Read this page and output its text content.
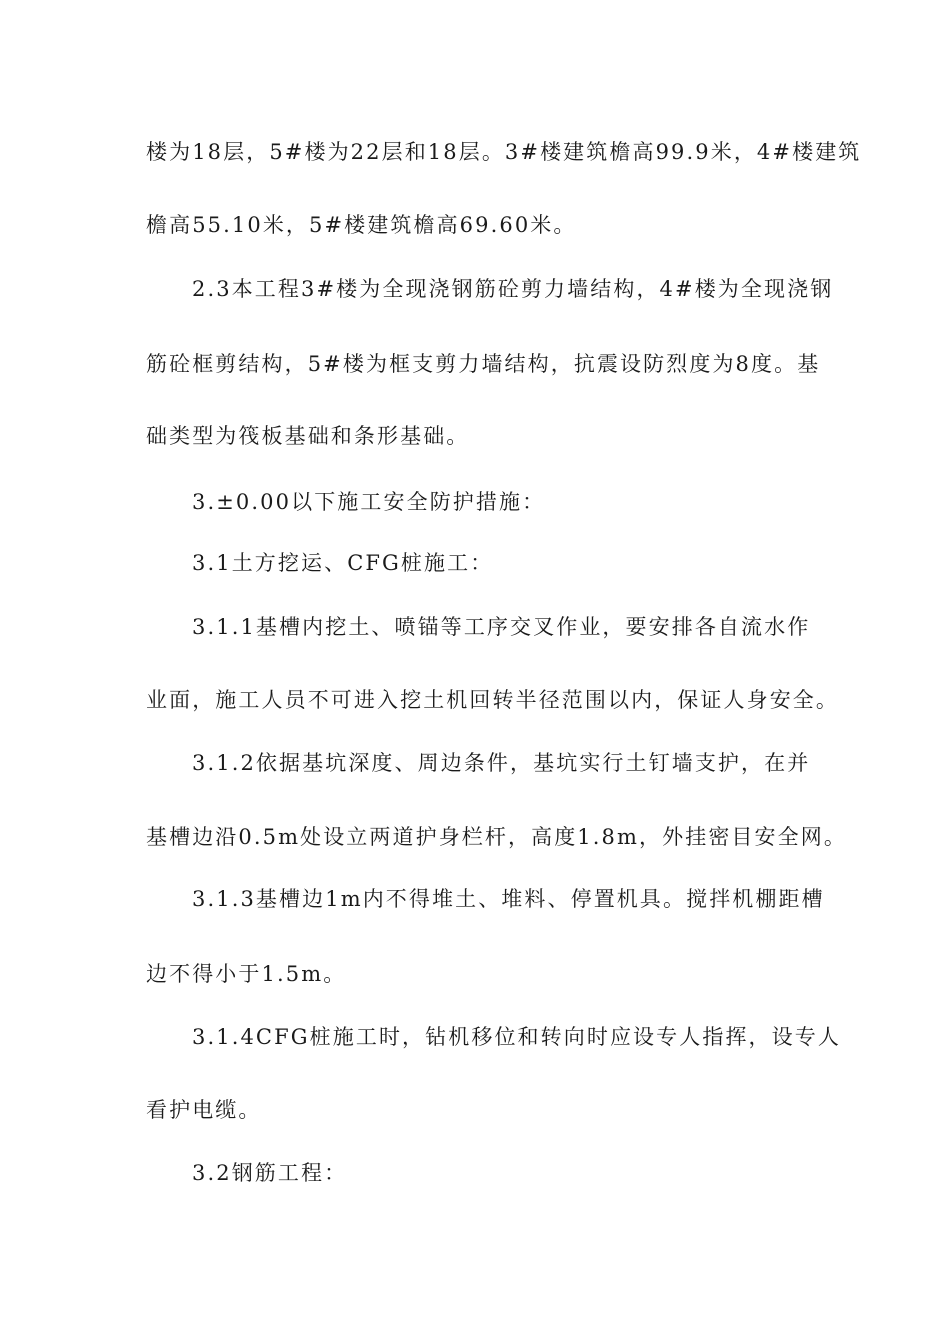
楼为18层，5#楼为22层和18层。3#楼建筑檐高99.9米，4#楼建筑
檐高55.10米，5#楼建筑檐高69.60米。
2.3本工程3#楼为全现浇钢筋砼剪力墙结构，4#楼为全现浇钢
筋砼框剪结构，5#楼为框支剪力墙结构，抗震设防烈度为8度。基
础类型为筏板基础和条形基础。
3.±0.00以下施工安全防护措施：
3.1土方挖运、CFG桩施工：
3.1.1基槽内挖土、喷锚等工序交叉作业，要安排各自流水作
业面，施工人员不可进入挖土机回转半径范围以内，保证人身安全。
3.1.2依据基坑深度、周边条件，基坑实行土钉墙支护，在并
基槽边沿0.5m处设立两道护身栏杆，高度1.8m，外挂密目安全网。
3.1.3基槽边1m内不得堆土、堆料、停置机具。搅拌机棚距槽
边不得小于1.5m。
3.1.4CFG桩施工时，钻机移位和转向时应设专人指挥，设专人
看护电缆。
3.2钢筋工程：
